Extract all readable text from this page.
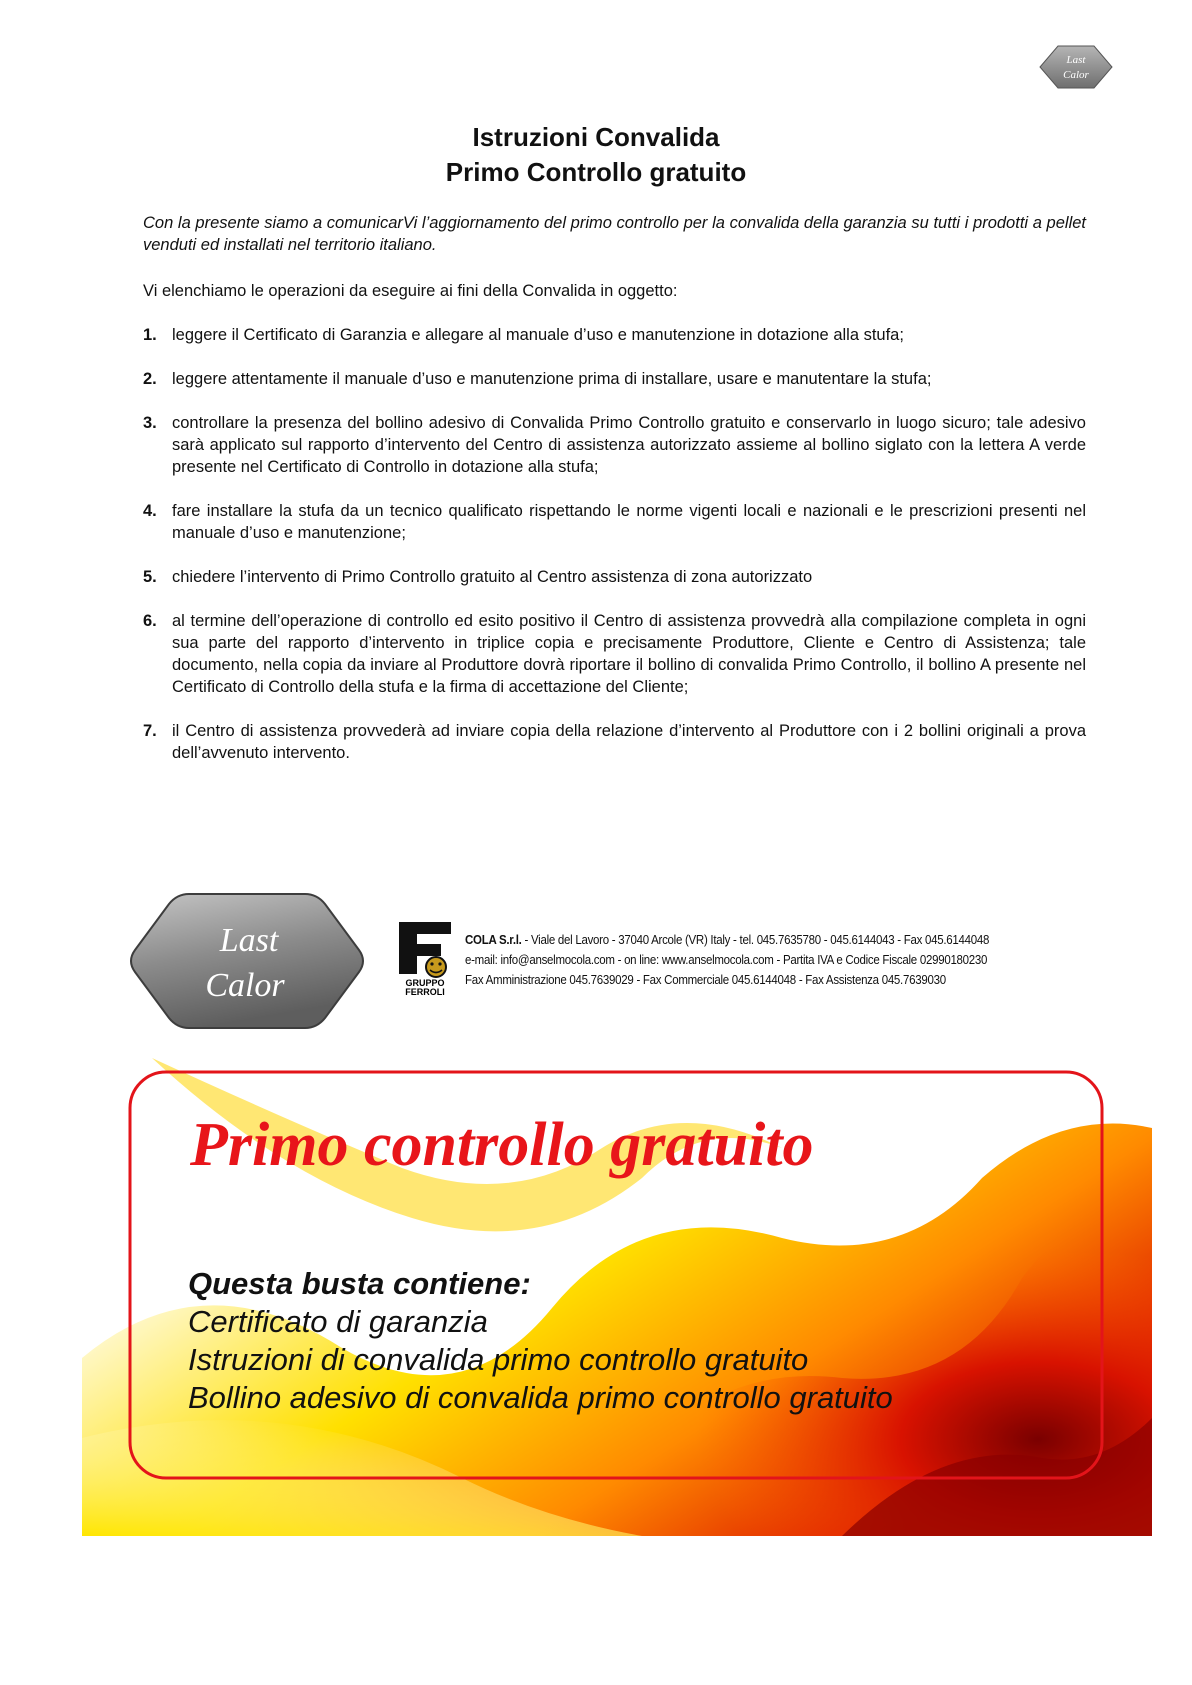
Last
Calor
Istruzioni Convalida
Primo Controllo gratuito
Con la presente siamo a comunicarVi l’aggiornamento del primo controllo per la convalida della garanzia su tutti i prodotti a pellet venduti ed installati nel territorio italiano.
Vi elenchiamo le operazioni da eseguire ai fini della Convalida in oggetto:
1. leggere il Certificato di Garanzia e allegare al manuale d’uso e manutenzione in dotazione alla stufa;
2. leggere attentamente il manuale d’uso e manutenzione prima di installare, usare e manutentare la stufa;
3. controllare la presenza del bollino adesivo di Convalida Primo Controllo gratuito e conservarlo in luogo sicuro; tale adesivo sarà applicato sul rapporto d’intervento del Centro di assistenza autorizzato assieme al bollino siglato con la lettera A verde presente nel Certificato di Controllo in dotazione alla stufa;
4. fare installare la stufa da un tecnico qualificato rispettando le norme vigenti locali e nazionali e le prescrizioni presenti nel manuale d’uso e manutenzione;
5. chiedere l’intervento di Primo Controllo gratuito al Centro assistenza di zona autorizzato
6. al termine dell’operazione di controllo ed esito positivo il Centro di assistenza provvedrà alla compilazione completa in ogni sua parte del rapporto d’intervento in triplice copia e precisamente Produttore, Cliente e Centro di Assistenza; tale documento, nella copia da inviare al Produttore dovrà riportare il bollino di convalida Primo Controllo, il bollino A presente nel Certificato di Controllo della stufa e la firma di accettazione del Cliente;
7. il Centro di assistenza provvederà ad inviare copia della relazione d’intervento al Produttore con i 2 bollini originali a prova dell’avvenuto intervento.
Last
Calor	GRUPPO
FERROLI
COLA S.r.l. - Viale del Lavoro - 37040 Arcole (VR) Italy - tel. 045.7635780 - 045.6144043 - Fax 045.6144048
e-mail: info@anselmocola.com - on line: www.anselmocola.com - Partita IVA e Codice Fiscale 02990180230
Fax Amministrazione 045.7639029 - Fax Commerciale 045.6144048 - Fax Assistenza 045.7639030
Primo controllo gratuito
Questa busta contiene:
Certificato di garanzia
Istruzioni di convalida primo controllo gratuito
Bollino adesivo di convalida primo controllo gratuito
